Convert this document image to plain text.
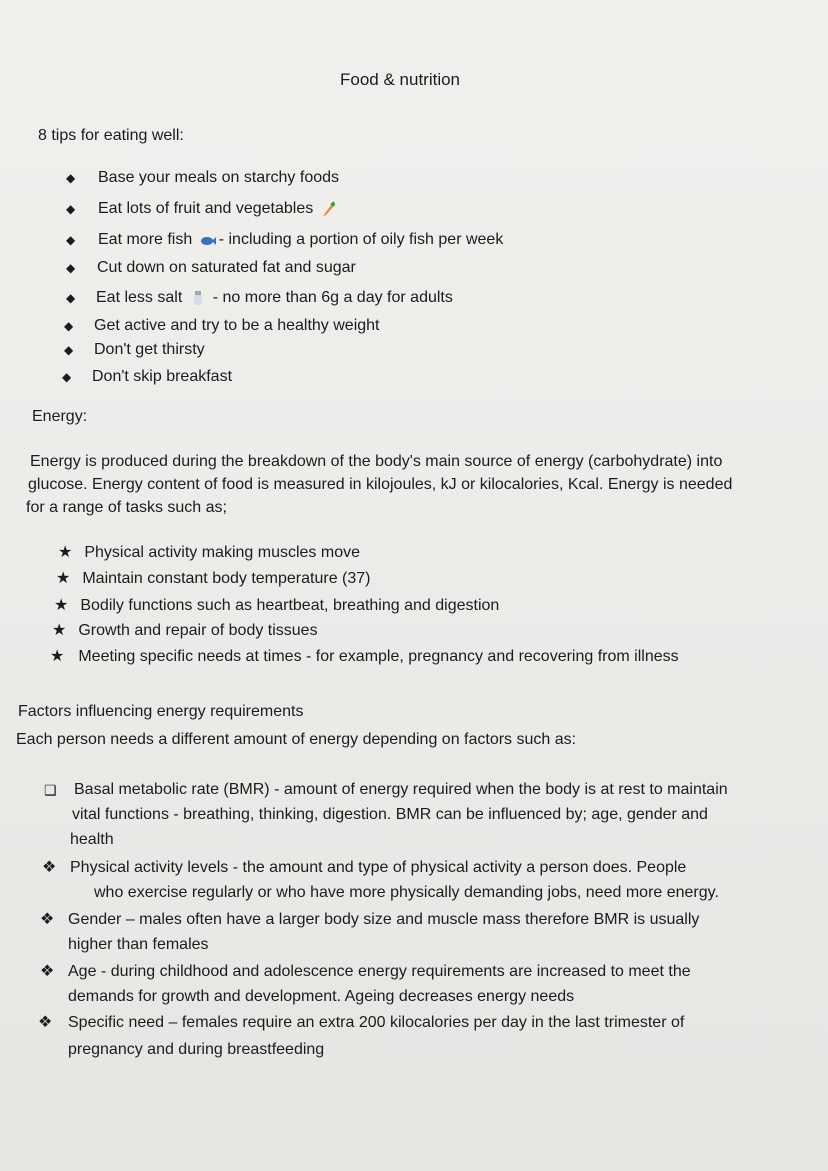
Food & nutrition
8 tips for eating well:
◆ Base your meals on starchy foods
◆ Eat lots of fruit and vegetables
◆ Eat more fish - including a portion of oily fish per week
◆ Cut down on saturated fat and sugar
◆ Eat less salt - no more than 6g a day for adults
◆ Get active and try to be a healthy weight
◆ Don't get thirsty
◆ Don't skip breakfast
Energy:
Energy is produced during the breakdown of the body's main source of energy (carbohydrate) into
glucose. Energy content of food is measured in kilojoules, kJ or kilocalories, Kcal. Energy is needed
for a range of tasks such as;
★ Physical activity making muscles move
★ Maintain constant body temperature (37)
★ Bodily functions such as heartbeat, breathing and digestion
★ Growth and repair of body tissues
★ Meeting specific needs at times - for example, pregnancy and recovering from illness
Factors influencing energy requirements
Each person needs a different amount of energy depending on factors such as:
❑ Basal metabolic rate (BMR) - amount of energy required when the body is at rest to maintain
vital functions - breathing, thinking, digestion. BMR can be influenced by; age, gender and
health
❖ Physical activity levels - the amount and type of physical activity a person does. People
who exercise regularly or who have more physically demanding jobs, need more energy.
❖ Gender – males often have a larger body size and muscle mass therefore BMR is usually
higher than females
❖ Age - during childhood and adolescence energy requirements are increased to meet the
demands for growth and development. Ageing decreases energy needs
❖ Specific need – females require an extra 200 kilocalories per day in the last trimester of
pregnancy and during breastfeeding
